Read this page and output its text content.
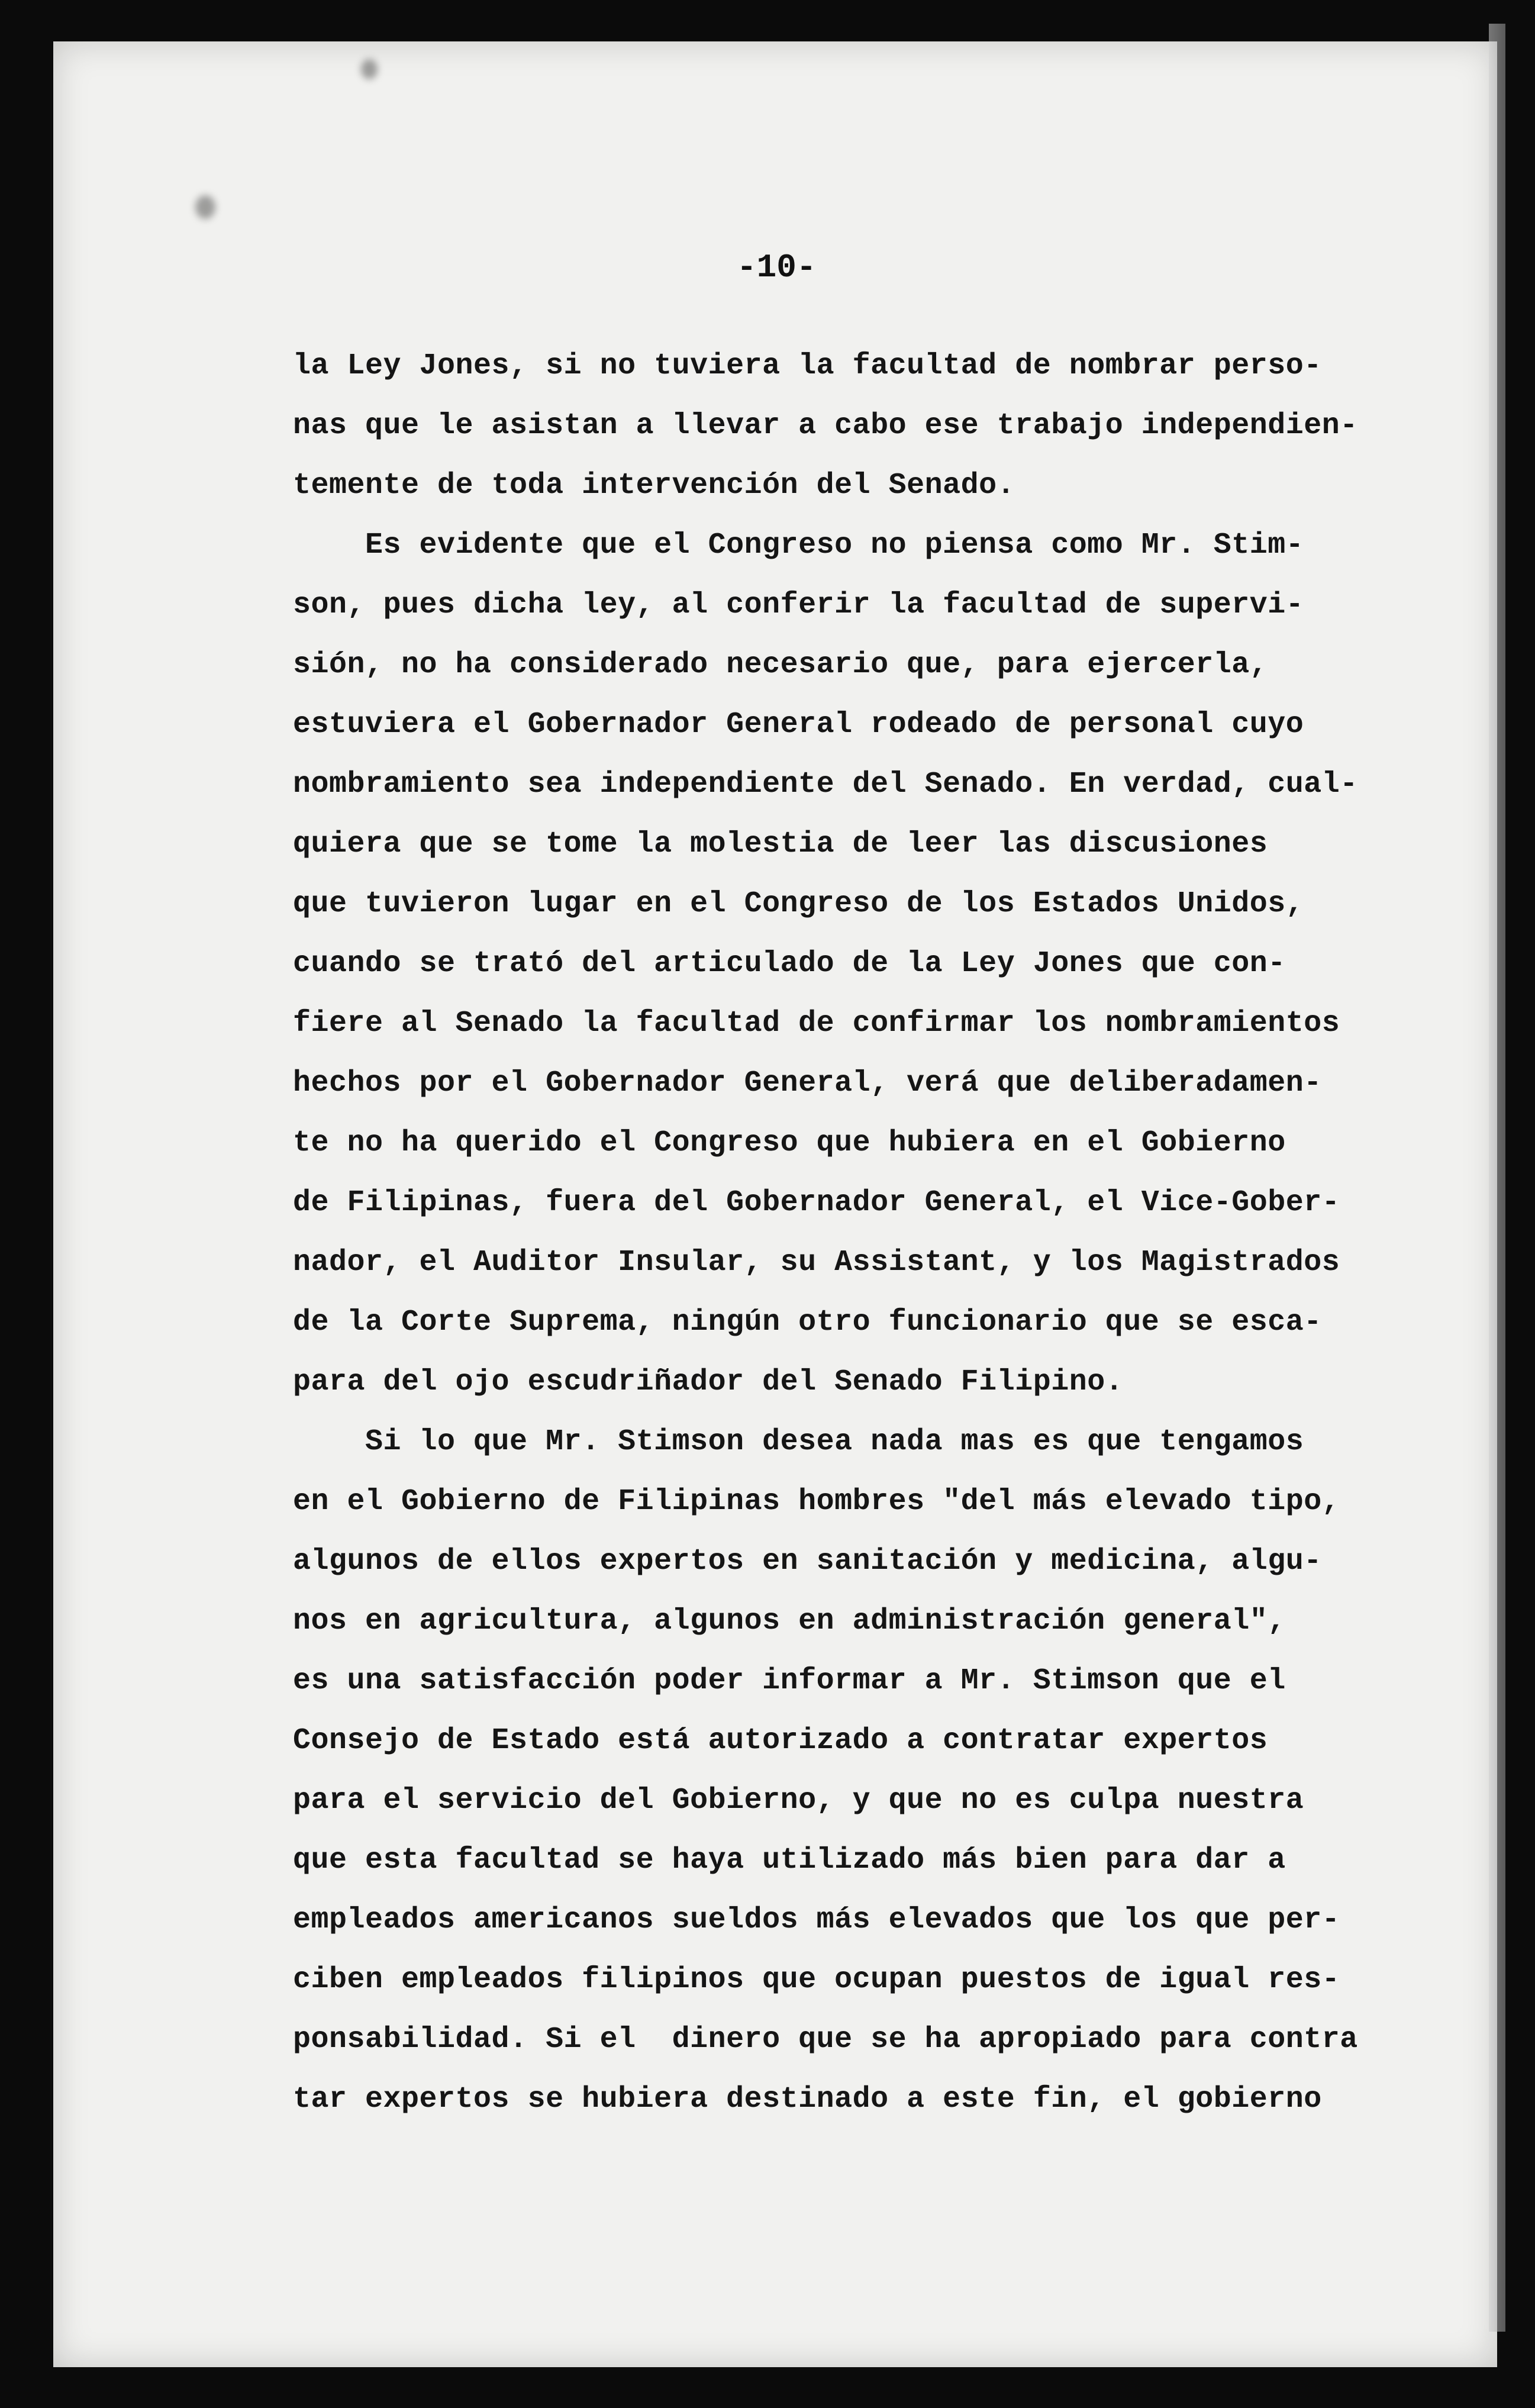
-10-
la Ley Jones, si no tuviera la facultad de nombrar perso-
nas que le asistan a llevar a cabo ese trabajo independien-
temente de toda intervención del Senado.
Es evidente que el Congreso no piensa como Mr. Stim-
son, pues dicha ley, al conferir la facultad de supervi-
sión, no ha considerado necesario que, para ejercerla,
estuviera el Gobernador General rodeado de personal cuyo
nombramiento sea independiente del Senado. En verdad, cual-
quiera que se tome la molestia de leer las discusiones
que tuvieron lugar en el Congreso de los Estados Unidos,
cuando se trató del articulado de la Ley Jones que con-
fiere al Senado la facultad de confirmar los nombramientos
hechos por el Gobernador General, verá que deliberadamen-
te no ha querido el Congreso que hubiera en el Gobierno
de Filipinas, fuera del Gobernador General, el Vice-Gober-
nador, el Auditor Insular, su Assistant, y los Magistrados
de la Corte Suprema, ningún otro funcionario que se esca-
para del ojo escudriñador del Senado Filipino.
Si lo que Mr. Stimson desea nada mas es que tengamos
en el Gobierno de Filipinas hombres "del más elevado tipo,
algunos de ellos expertos en sanitación y medicina, algu-
nos en agricultura, algunos en administración general",
es una satisfacción poder informar a Mr. Stimson que el
Consejo de Estado está autorizado a contratar expertos
para el servicio del Gobierno, y que no es culpa nuestra
que esta facultad se haya utilizado más bien para dar a
empleados americanos sueldos más elevados que los que per-
ciben empleados filipinos que ocupan puestos de igual res-
ponsabilidad. Si el  dinero que se ha apropiado para contra
tar expertos se hubiera destinado a este fin, el gobierno
